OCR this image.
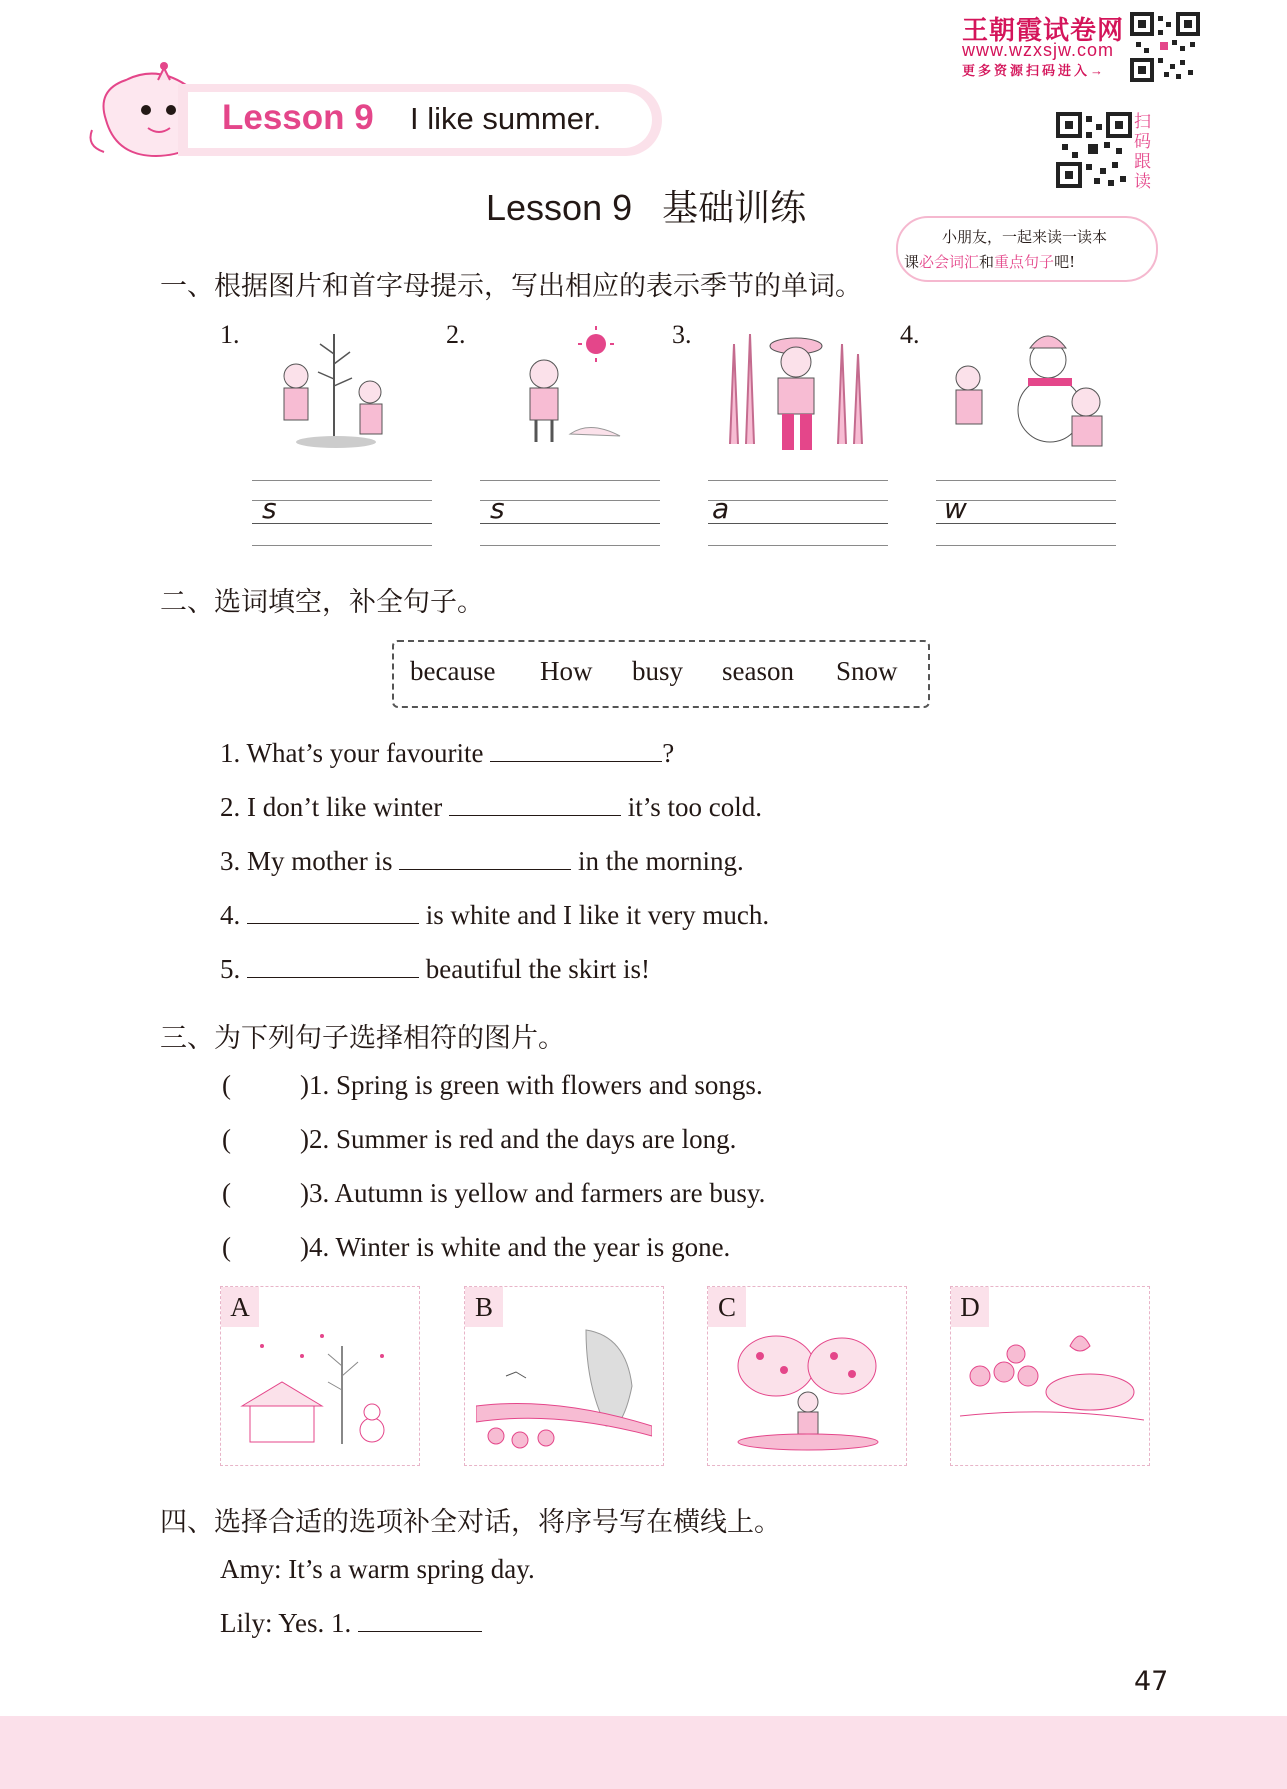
王朝霞试卷网
www.wzxsjw.com
更多资源扫码进入→
Lesson 9 I like summer.	扫码跟读
小朋友，一起来读一读本
课必会词汇和重点句子吧!
Lesson 9   基础训练
一、根据图片和首字母提示，写出相应的表示季节的单词。
1.	2.	3.	4.
s	s	a	w
二、选词填空，补全句子。
because How busy season Snow
1. What’s your favourite	?
2. I don’t like winter	it’s too cold.
3. My mother is	in the morning.
4.	is white and I like it very much.
5.	beautiful the skirt is!
三、为下列句子选择相符的图片。
(	)1. Spring is green with flowers and songs.
(	)2. Summer is red and the days are long.
(	)3. Autumn is yellow and farmers are busy.
(	)4. Winter is white and the year is gone.
A	B	C	D
四、选择合适的选项补全对话，将序号写在横线上。
Amy: It’s a warm spring day.
Lily: Yes. 1.
47
